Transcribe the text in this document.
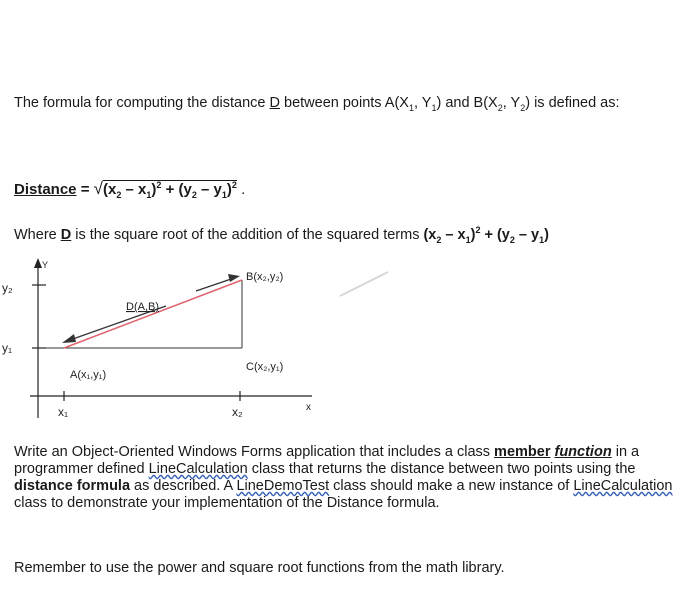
The formula for computing the distance D between points $A(X_1$, $Y_1$) and $B(X_2$, $Y_2$) is defined as:
Distance = $√(x_2 - x_1)^2 + (y_2 - y_1)^2$ .
Where D is the square root of the addition of the squared terms $(x_2 - x_1)^2 + (y_2 - y_1)$
Y
y₂
y₁
x₁	x₂	x
D(A,B)
A(x₁,y₁)
B(x₂,y₂)
C(x₂,y₁)
Write an Object-Oriented Windows Forms application that includes a class member function in a programmer defined LineCalculation class that returns the distance between two points using the distance formula as described. A LineDemoTest class should make a new instance of LineCalculation class to demonstrate your implementation of the Distance formula.
Remember to use the power and square root functions from the math library.
